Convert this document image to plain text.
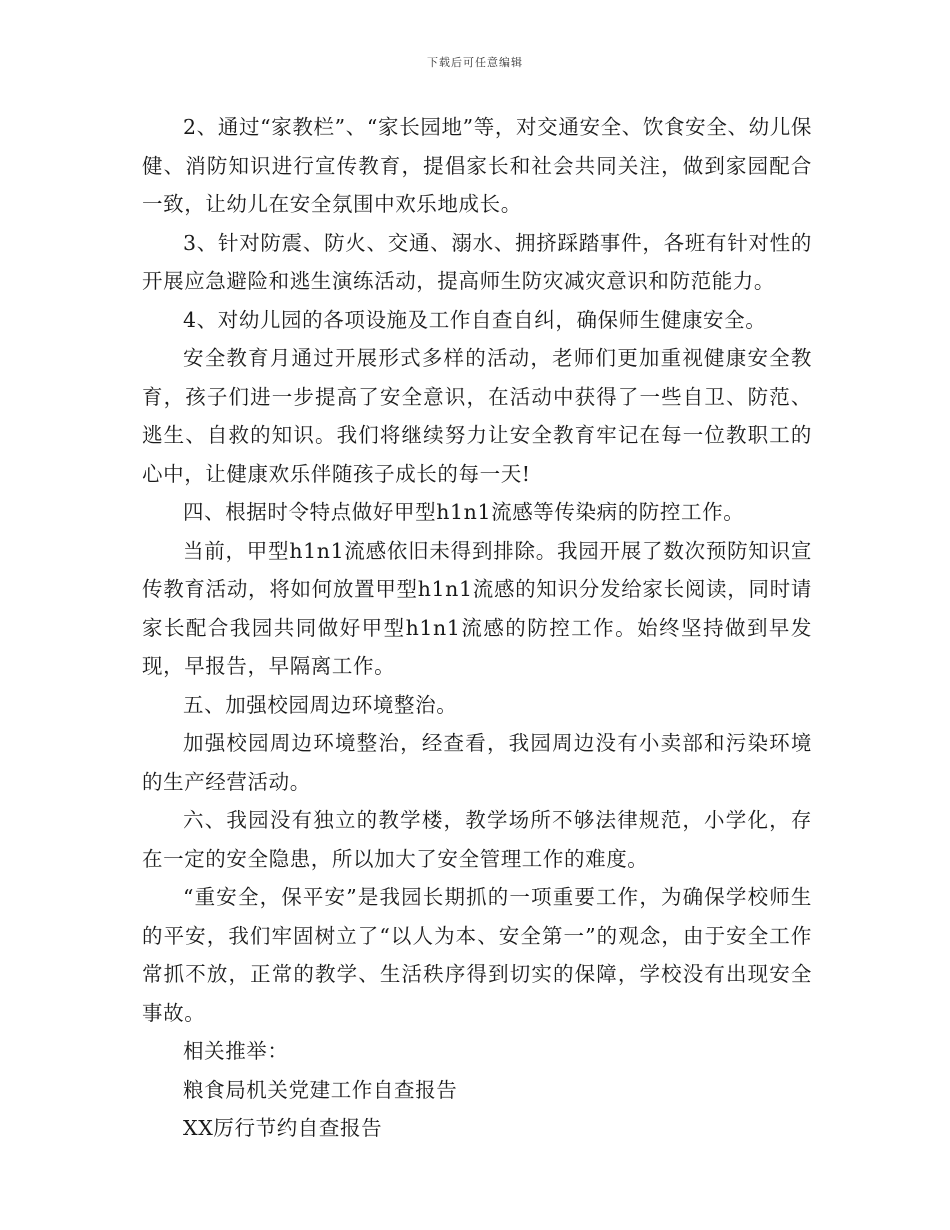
下载后可任意编辑

2、通过“家教栏”、“家长园地”等，对交通安全、饮食安全、幼儿保健、消防知识进行宣传教育，提倡家长和社会共同关注，做到家园配合一致，让幼儿在安全氛围中欢乐地成长。

3、针对防震、防火、交通、溺水、拥挤踩踏事件，各班有针对性的开展应急避险和逃生演练活动，提高师生防灾减灾意识和防范能力。

4、对幼儿园的各项设施及工作自查自纠，确保师生健康安全。

安全教育月通过开展形式多样的活动，老师们更加重视健康安全教育，孩子们进一步提高了安全意识，在活动中获得了一些自卫、防范、逃生、自救的知识。我们将继续努力让安全教育牢记在每一位教职工的心中，让健康欢乐伴随孩子成长的每一天!

四、根据时令特点做好甲型h1n1流感等传染病的防控工作。

当前，甲型h1n1流感依旧未得到排除。我园开展了数次预防知识宣传教育活动，将如何放置甲型h1n1流感的知识分发给家长阅读，同时请家长配合我园共同做好甲型h1n1流感的防控工作。始终坚持做到早发现，早报告，早隔离工作。

五、加强校园周边环境整治。

加强校园周边环境整治，经查看，我园周边没有小卖部和污染环境的生产经营活动。

六、我园没有独立的教学楼，教学场所不够法律规范，小学化，存在一定的安全隐患，所以加大了安全管理工作的难度。

“重安全，保平安”是我园长期抓的一项重要工作，为确保学校师生的平安，我们牢固树立了“以人为本、安全第一”的观念，由于安全工作常抓不放，正常的教学、生活秩序得到切实的保障，学校没有出现安全事故。

相关推举：

粮食局机关党建工作自查报告
XX厉行节约自查报告
